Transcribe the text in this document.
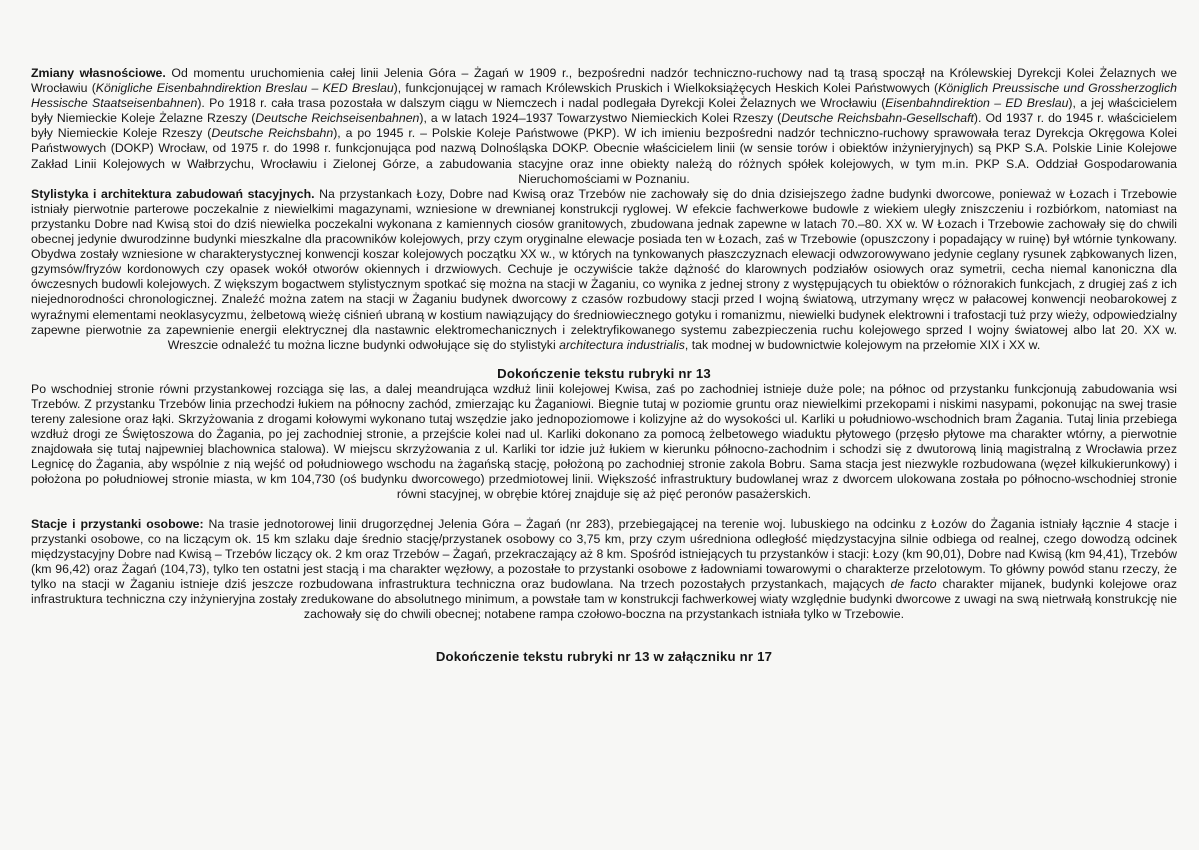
Zmiany własnościowe. Od momentu uruchomienia całej linii Jelenia Góra – Żagań w 1909 r., bezpośredni nadzór techniczno-ruchowy nad tą trasą spoczął na Królewskiej Dyrekcji Kolei Żelaznych we Wrocławiu (Königliche Eisenbahndirektion Breslau – KED Breslau), funkcjonującej w ramach Królewskich Pruskich i Wielkoksiążęcych Heskich Kolei Państwowych (Königlich Preussische und Grossherzoglich Hessische Staatseisenbahnen). Po 1918 r. cała trasa pozostała w dalszym ciągu w Niemczech i nadal podlegała Dyrekcji Kolei Żelaznych we Wrocławiu (Eisenbahndirektion – ED Breslau), a jej właścicielem były Niemieckie Koleje Żelazne Rzeszy (Deutsche Reichseisenbahnen), a w latach 1924–1937 Towarzystwo Niemieckich Kolei Rzeszy (Deutsche Reichsbahn-Gesellschaft). Od 1937 r. do 1945 r. właścicielem były Niemieckie Koleje Rzeszy (Deutsche Reichsbahn), a po 1945 r. – Polskie Koleje Państwowe (PKP). W ich imieniu bezpośredni nadzór techniczno-ruchowy sprawowała teraz Dyrekcja Okręgowa Kolei Państwowych (DOKP) Wrocław, od 1975 r. do 1998 r. funkcjonująca pod nazwą Dolnośląska DOKP. Obecnie właścicielem linii (w sensie torów i obiektów inżynieryjnych) są PKP S.A. Polskie Linie Kolejowe Zakład Linii Kolejowych w Wałbrzychu, Wrocławiu i Zielonej Górze, a zabudowania stacyjne oraz inne obiekty należą do różnych spółek kolejowych, w tym m.in. PKP S.A. Oddział Gospodarowania Nieruchomościami w Poznaniu.

Stylistyka i architektura zabudowań stacyjnych. Na przystankach Łozy, Dobre nad Kwisą oraz Trzebów nie zachowały się do dnia dzisiejszego żadne budynki dworcowe, ponieważ w Łozach i Trzebowie istniały pierwotnie parterowe poczekalnie z niewielkimi magazynami, wzniesione w drewnianej konstrukcji ryglowej. W efekcie fachwerkowe budowle z wiekiem uległy zniszczeniu i rozbiórkom, natomiast na przystanku Dobre nad Kwisą stoi do dziś niewielka poczekalni wykonana z kamiennych ciosów granitowych, zbudowana jednak zapewne w latach 70.–80. XX w. W Łozach i Trzebowie zachowały się do chwili obecnej jedynie dwurodzinne budynki mieszkalne dla pracowników kolejowych, przy czym oryginalne elewacje posiada ten w Łozach, zaś w Trzebowie (opuszczony i popadający w ruinę) był wtórnie tynkowany. Obydwa zostały wzniesione w charakterystycznej konwencji koszar kolejowych początku XX w., w których na tynkowanych płaszczyznach elewacji odwzorowywano jedynie ceglany rysunek ząbkowanych lizen, gzymsów/fryzów kordonowych czy opasek wokół otworów okiennych i drzwiowych. Cechuje je oczywiście także dążność do klarownych podziałów osiowych oraz symetrii, cecha niemal kanoniczna dla ówczesnych budowli kolejowych. Z większym bogactwem stylistycznym spotkać się można na stacji w Żaganiu, co wynika z jednej strony z występujących tu obiektów o różnorakich funkcjach, z drugiej zaś z ich niejednorodności chronologicznej. Znaleźć można zatem na stacji w Żaganiu budynek dworcowy z czasów rozbudowy stacji przed I wojną światową, utrzymany wręcz w pałacowej konwencji neobarokowej z wyraźnymi elementami neoklasycyzmu, żelbetową wieżę ciśnień ubraną w kostium nawiązujący do średniowiecznego gotyku i romanizmu, niewielki budynek elektrowni i trafostacji tuż przy wieży, odpowiedzialny zapewne pierwotnie za zapewnienie energii elektrycznej dla nastawnic elektromechanicznych i zelektryfikowanego systemu zabezpieczenia ruchu kolejowego sprzed I wojny światowej albo lat 20. XX w. Wreszcie odnaleźć tu można liczne budynki odwołujące się do stylistyki architectura industrialis, tak modnej w budownictwie kolejowym na przełomie XIX i XX w.

Dokończenie tekstu rubryki nr 13

Po wschodniej stronie równi przystankowej rozciąga się las, a dalej meandrująca wzdłuż linii kolejowej Kwisa, zaś po zachodniej istnieje duże pole; na północ od przystanku funkcjonują zabudowania wsi Trzebów. Z przystanku Trzebów linia przechodzi łukiem na północny zachód, zmierzając ku Żaganiowi. Biegnie tutaj w poziomie gruntu oraz niewielkimi przekopami i niskimi nasypami, pokonując na swej trasie tereny zalesione oraz łąki. Skrzyżowania z drogami kołowymi wykonano tutaj wszędzie jako jednopoziomowe i kolizyjne aż do wysokości ul. Karliki u południowo-wschodnich bram Żagania. Tutaj linia przebiega wzdłuż drogi ze Świętoszowa do Żagania, po jej zachodniej stronie, a przejście kolei nad ul. Karliki dokonano za pomocą żelbetowego wiaduktu płytowego (przęsło płytowe ma charakter wtórny, a pierwotnie znajdowała się tutaj najpewniej blachownica stalowa). W miejscu skrzyżowania z ul. Karliki tor idzie już łukiem w kierunku północno-zachodnim i schodzi się z dwutorową linią magistralną z Wrocławia przez Legnicę do Żagania, aby wspólnie z nią wejść od południowego wschodu na żagańską stację, położoną po zachodniej stronie zakola Bobru. Sama stacja jest niezwykle rozbudowana (węzeł kilkukierunkowy) i położona po południowej stronie miasta, w km 104,730 (oś budynku dworcowego) przedmiotowej linii. Większość infrastruktury budowlanej wraz z dworcem ulokowana została po północno-wschodniej stronie równi stacyjnej, w obrębie której znajduje się aż pięć peronów pasażerskich.

Stacje i przystanki osobowe: Na trasie jednotorowej linii drugorzędnej Jelenia Góra – Żagań (nr 283), przebiegającej na terenie woj. lubuskiego na odcinku z Łozów do Żagania istniały łącznie 4 stacje i przystanki osobowe, co na liczącym ok. 15 km szlaku daje średnio stację/przystanek osobowy co 3,75 km, przy czym uśredniona odległość międzystacyjna silnie odbiega od realnej, czego dowodzą odcinek międzystacyjny Dobre nad Kwisą – Trzebów liczący ok. 2 km oraz Trzebów – Żagań, przekraczający aż 8 km. Spośród istniejących tu przystanków i stacji: Łozy (km 90,01), Dobre nad Kwisą (km 94,41), Trzebów (km 96,42) oraz Żagań (104,73), tylko ten ostatni jest stacją i ma charakter węzłowy, a pozostałe to przystanki osobowe z ładowniami towarowymi o charakterze przelotowym. To główny powód stanu rzeczy, że tylko na stacji w Żaganiu istnieje dziś jeszcze rozbudowana infrastruktura techniczna oraz budowlana. Na trzech pozostałych przystankach, mających de facto charakter mijanek, budynki kolejowe oraz infrastruktura techniczna czy inżynieryjna zostały zredukowane do absolutnego minimum, a powstałe tam w konstrukcji fachwerkowej wiaty względnie budynki dworcowe z uwagi na swą nietrwałą konstrukcję nie zachowały się do chwili obecnej; notabene rampa czołowo-boczna na przystankach istniała tylko w Trzebowie.

Dokończenie tekstu rubryki nr 13 w załączniku nr 17
